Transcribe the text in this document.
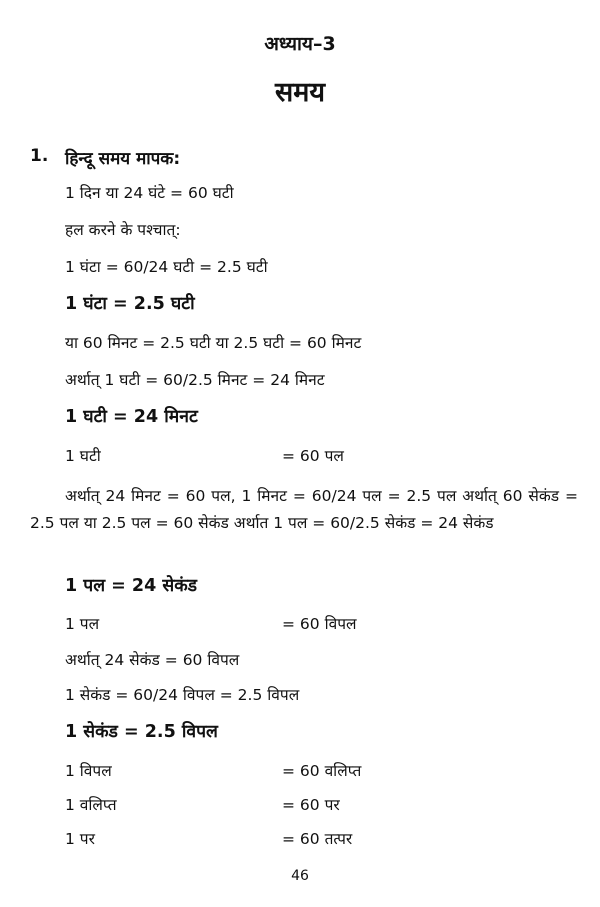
अध्याय–3
समय
1. हिन्दू समय मापक:
1 दिन या 24 घंटे = 60 घटी
हल करने के पश्चात्:
1 घंटा = 60/24 घटी = 2.5 घटी
1 घंटा = 2.5 घटी
या 60 मिनट = 2.5 घटी या 2.5 घटी = 60 मिनट
अर्थात् 1 घटी = 60/2.5 मिनट = 24 मिनट
1 घटी = 24 मिनट
1 घटी	= 60 पल
अर्थात् 24 मिनट = 60 पल, 1 मिनट = 60/24 पल = 2.5 पल अर्थात् 60 सेकंड = 2.5 पल या 2.5 पल = 60 सेकंड अर्थात 1 पल = 60/2.5 सेकंड = 24 सेकंड
1 पल = 24 सेकंड
1 पल	= 60 विपल
अर्थात् 24 सेकंड = 60 विपल
1 सेकंड = 60/24 विपल = 2.5 विपल
1 सेकंड = 2.5 विपल
1 विपल	= 60 वलिप्त
1 वलिप्त	= 60 पर
1 पर	= 60 तत्पर
46
